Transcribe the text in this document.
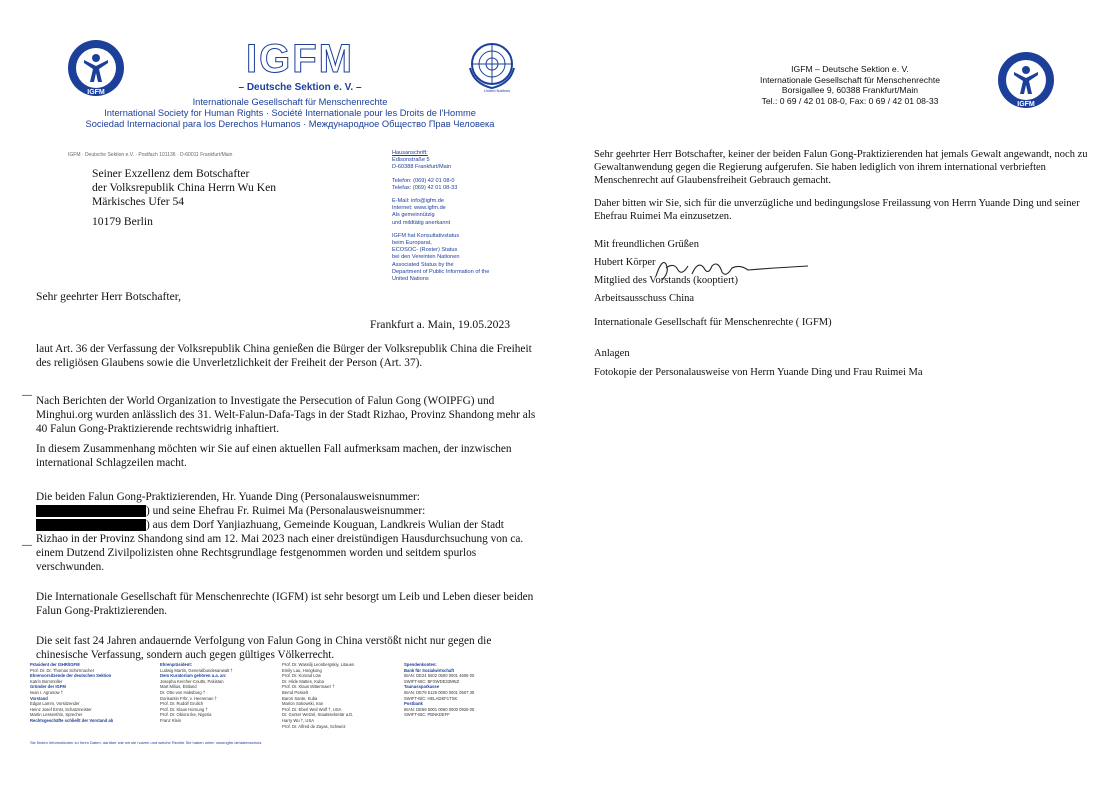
IGFM
IGFM
– Deutsche Sektion e. V. –	United Nations
Internationale Gesellschaft für Menschenrechte
International Society for Human Rights · Société Internationale pour les Droits de l'Homme
Sociedad Internacional para los Derechos Humanos · Международное Общество Прав Человека
IGFM · Deutsche Sektion e.V. · Postfach 101136 · D-60011 Frankfurt/Main
Seiner Exzellenz dem Botschafter
der Volksrepublik China Herrn Wu Ken
Märkisches Ufer 54
10179 Berlin
Hausanschrift:
Edisonstraße 5
D-60388 Frankfurt/Main
Telefon: (069) 42 01 08-0
Telefax: (069) 42 01 08-33
E-Mail: info@igfm.de
Internet: www.igfm.de
Als gemeinnützig
und mildtätig anerkannt
IGFM hat Konsultativstatus
beim Europarat,
ECOSOC- (Roster) Status
bei den Vereinten Nationen
Associated Status by the
Department of Public Information of the
United Nations
Sehr geehrter Herr Botschafter,
Frankfurt a. Main, 19.05.2023
—
—

laut Art. 36 der Verfassung der Volksrepublik China genießen die Bürger der Volksrepublik China die Freiheit des religiösen Glaubens sowie die Unverletzlichkeit der Freiheit der Person (Art. 37).

Nach Berichten der World Organization to Investigate the Persecution of Falun Gong (WOIPFG) und Minghui.org wurden anlässlich des 31. Welt-Falun-Dafa-Tags in der Stadt Rizhao, Provinz Shandong mehr als 40 Falun Gong-Praktizierende rechtswidrig inhaftiert.

In diesem Zusammenhang möchten wir Sie auf einen aktuellen Fall aufmerksam machen, der inzwischen international Schlagzeilen macht.

Die beiden Falun Gong-Praktizierenden, Hr. Yuande Ding (Personalausweisnummer:
) und seine Ehefrau Fr. Ruimei Ma (Personalausweisnummer:
) aus dem Dorf Yanjiazhuang, Gemeinde Kouguan, Landkreis Wulian der Stadt Rizhao in der Provinz Shandong sind am 12. Mai 2023 nach einer dreistündigen Hausdurchsuchung von ca. einem Dutzend Zivilpolizisten ohne Rechtsgrundlage festgenommen worden und seitdem spurlos verschwunden.

Die Internationale Gesellschaft für Menschenrechte (IGFM) ist sehr besorgt um Leib und Leben dieser beiden Falun Gong-Praktizierenden.

Die seit fast 24 Jahren andauernde Verfolgung von Falun Gong in China verstößt nicht nur gegen die chinesische Verfassung, sondern auch gegen gültiges Völkerrecht.

Präsident der ISHR/IGFM
Prof. Dr. Dr. Thomas Schirrmacher
Ehrenvorsitzende der deutschen Sektion
Katrin Bornmüller
Gründer der IGFM
Iwan I. Agrusow †
Vorstand
Edgar Lamm, Vorsitzender
Heinz Josef Ernst, Schatzmeister
Martin Lessenthin, Sprecher
Rechtsgeschäfte schließt der Vorstand ab
Ehrenpräsident:
Ludwig Martin, Generalbundesanwalt †
Dem Kuratorium gehören u.a. an:
Josepha Kercher-Coutts, Pakistan
Mart Milius, Estland
Dr. Otto von Habsburg †
Dorisantin Frhr. v. Heereman †
Prof. Dr. Rudolf Grulich
Prof. Dr. Klaus Hornung †
Prof. Dr. Obiora Ike, Nigeria
Franz Klein
Prof. Dr. Wassilij Leonbergskiy, Litauen
Emily Lau, Hongkong
Prof. Dr. Konrad Löw
Dr. Hilde Mattes, Kuba
Prof. Dr. Klaus Mittermaier †
Bernd Posselt
Baron Sante, Kuba
Marion Sokowski, Iran
Prof. Dr. Eberl Weil Wolf †, USA
Dr. Gonter Wetzel, Staatssekretär a.D.
Harry Wu †, USA
Prof. Dr. Alfred de Zayas, Schweiz
Spendenkonten:
Bank für Sozialwirtschaft
IBAN: DE24 5502 0500 0001 4606 00
SWIFT-BIC: BFSWDE33MNZ
Taunussparkasse
IBAN: DE79 5125 0000 0001 0507 35
SWIFT-BIC: HELADEF1TSK
Postbank
IBAN: DE69 5001 0060 0000 0929 05
SWIFT-BIC: PBNKDEFF
Sie finden Informationen zu Ihren Daten, darüber wie wir sie nutzen und welche Rechte Sie haben unter: www.igfm.de/datenschutz
IGFM – Deutsche Sektion e. V.
Internationale Gesellschaft für Menschenrechte
Borsigallee 9, 60388 Frankfurt/Main
Tel.: 0 69 / 42 01 08-0, Fax: 0 69 / 42 01 08-33	IGFM

Sehr geehrter Herr Botschafter, keiner der beiden Falun Gong-Praktizierenden hat jemals Gewalt angewandt, noch zu Gewaltanwendung gegen die Regierung aufgerufen. Sie haben lediglich von ihrem international verbrieften Menschenrecht auf Glaubensfreiheit Gebrauch gemacht.

Daher bitten wir Sie, sich für die unverzügliche und bedingungslose Freilassung von Herrn Yuande Ding und seiner Ehefrau Ruimei Ma einzusetzen.

Mit freundlichen Grüßen
Hubert Körper
Mitglied des Vorstands (kooptiert)
Arbeitsausschuss China
Internationale Gesellschaft für Menschenrechte ( IGFM)
Anlagen
Fotokopie der Personalausweise von Herrn Yuande Ding und Frau Ruimei Ma
